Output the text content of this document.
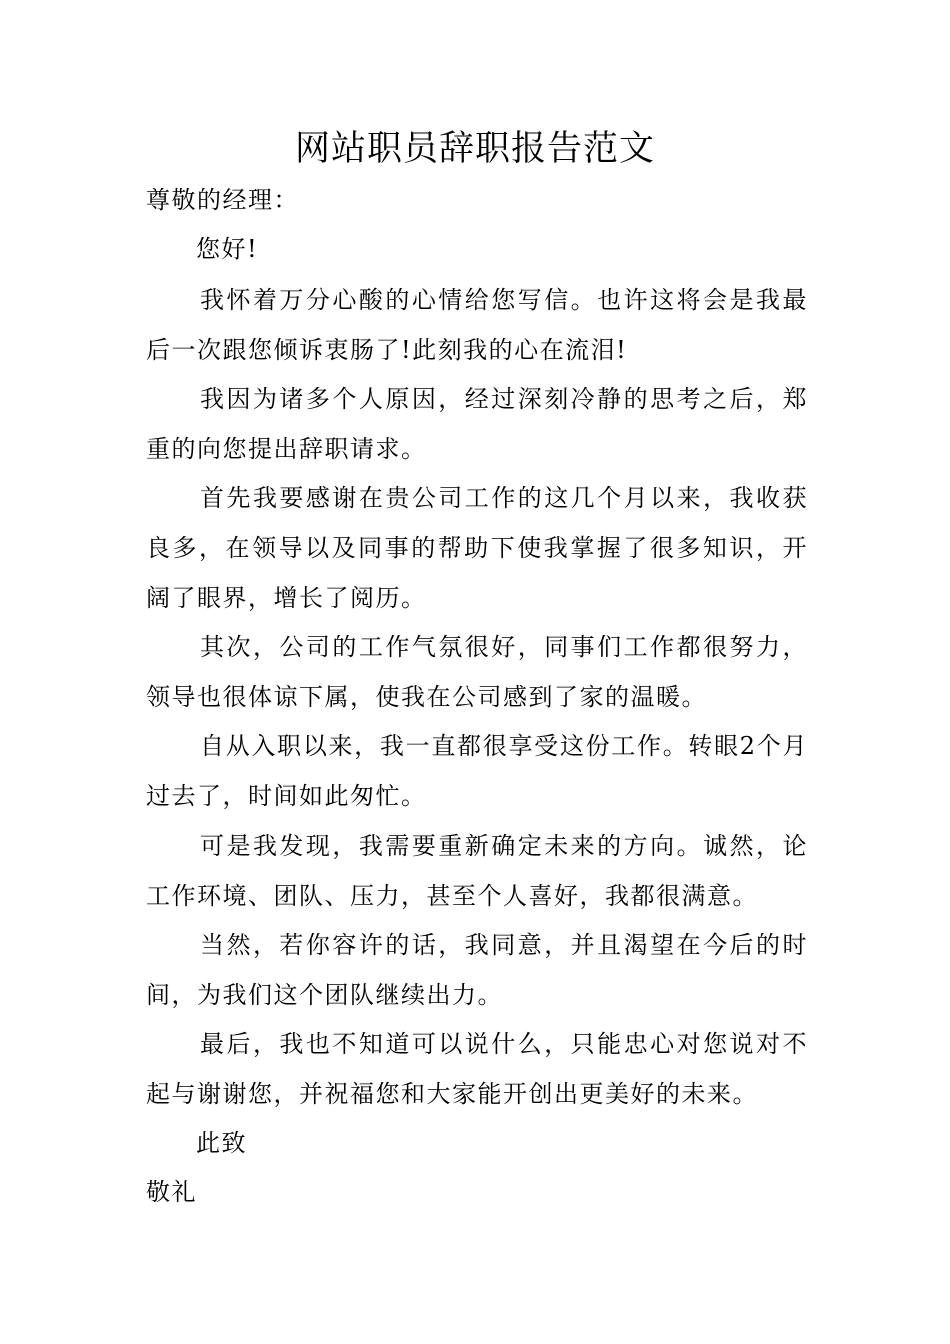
网站职员辞职报告范文
尊敬的经理：
您好!
我怀着万分心酸的心情给您写信。也许这将会是我最后一次跟您倾诉衷肠了!此刻我的心在流泪!
我因为诸多个人原因，经过深刻冷静的思考之后，郑重的向您提出辞职请求。
首先我要感谢在贵公司工作的这几个月以来，我收获良多，在领导以及同事的帮助下使我掌握了很多知识，开阔了眼界，增长了阅历。
其次，公司的工作气氛很好，同事们工作都很努力，领导也很体谅下属，使我在公司感到了家的温暖。
自从入职以来，我一直都很享受这份工作。转眼2个月过去了，时间如此匆忙。
可是我发现，我需要重新确定未来的方向。诚然，论工作环境、团队、压力，甚至个人喜好，我都很满意。
当然，若你容许的话，我同意，并且渴望在今后的时间，为我们这个团队继续出力。
最后，我也不知道可以说什么，只能忠心对您说对不起与谢谢您，并祝福您和大家能开创出更美好的未来。
此致
敬礼
